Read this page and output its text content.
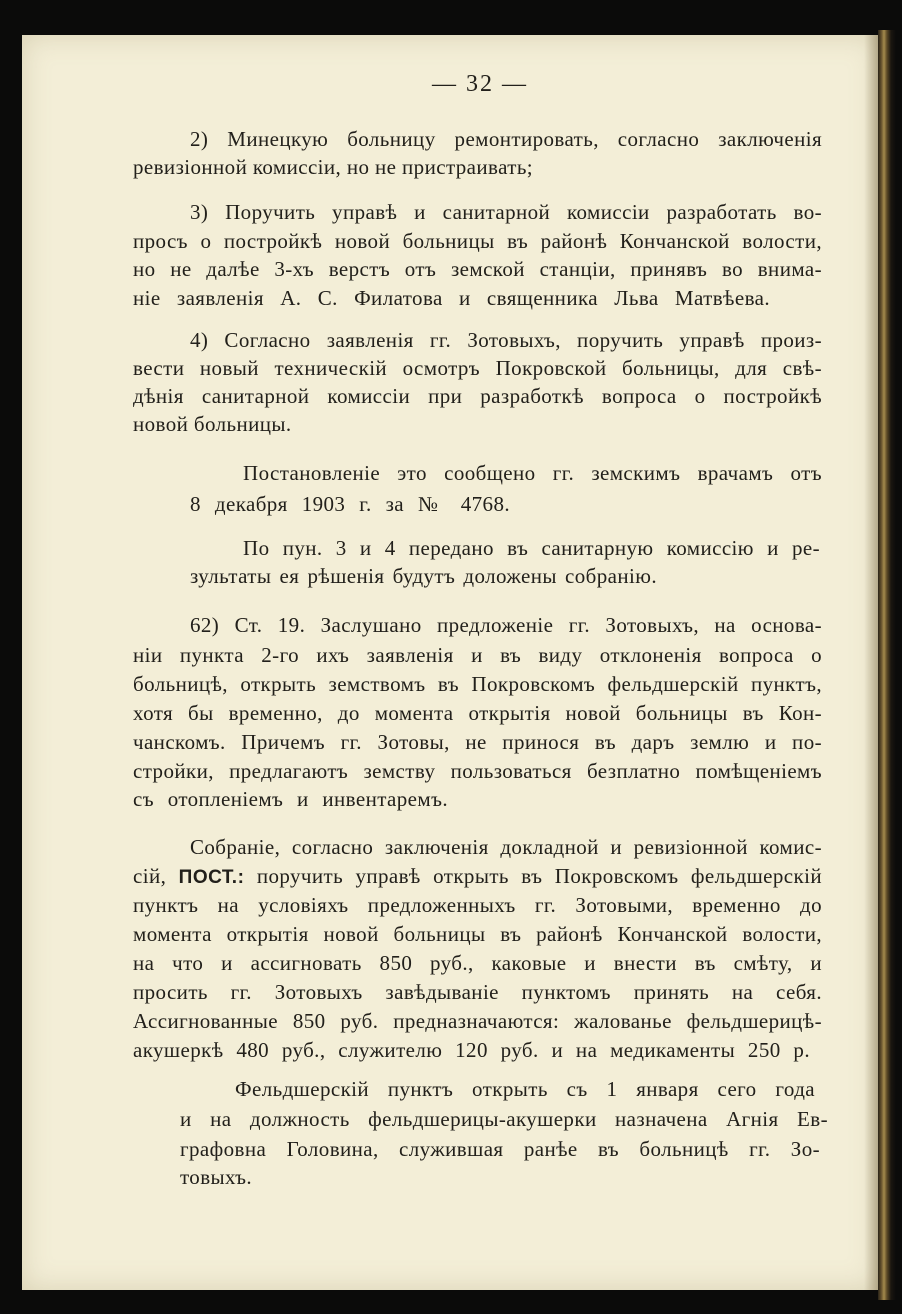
— 32 —
2) Минецкую больницу ремонтировать, согласно заключенія
ревизіонной комиссіи, но не пристраивать;
3) Поручить управѣ и санитарной комиссіи разработать во-
просъ о постройкѣ новой больницы въ районѣ Кончанской волости,
но не далѣе 3-хъ верстъ отъ земской станціи, принявъ во внима-
ніе заявленія А. С. Филатова и священника Льва Матвѣева.
4) Согласно заявленія гг. Зотовыхъ, поручить управѣ произ-
вести новый техническій осмотръ Покровской больницы, для свѣ-
дѣнія санитарной комиссіи при разработкѣ вопроса о постройкѣ
новой больницы.
Постановленіе это сообщено гг. земскимъ врачамъ отъ
8 декабря 1903 г. за № 4768.
По пун. 3 и 4 передано въ санитарную комиссію и ре-
зультаты ея рѣшенія будутъ доложены собранію.
62) Ст. 19. Заслушано предложеніе гг. Зотовыхъ, на основа-
ніи пункта 2-го ихъ заявленія и въ виду отклоненія вопроса о
больницѣ, открыть земствомъ въ Покровскомъ фельдшерскій пунктъ,
хотя бы временно, до момента открытія новой больницы въ Кон-
чанскомъ. Причемъ гг. Зотовы, не принося въ даръ землю и по-
стройки, предлагаютъ земству пользоваться безплатно помѣщеніемъ
съ отопленіемъ и инвентаремъ.
Собраніе, согласно заключенія докладной и ревизіонной комис-
сій, ПОСТ.: поручить управѣ открыть въ Покровскомъ фельдшерскій
пунктъ на условіяхъ предложенныхъ гг. Зотовыми, временно до
момента открытія новой больницы въ районѣ Кончанской волости,
на что и ассигновать 850 руб., каковые и внести въ смѣту, и
просить гг. Зотовыхъ завѣдываніе пунктомъ принять на себя.
Ассигнованные 850 руб. предназначаются: жалованье фельдшерицѣ-
акушеркѣ 480 руб., служителю 120 руб. и на медикаменты 250 р.
Фельдшерскій пунктъ открыть съ 1 января сего года
и на должность фельдшерицы-акушерки назначена Агнія Ев-
графовна Головина, служившая ранѣе въ больницѣ гг. Зо-
товыхъ.
